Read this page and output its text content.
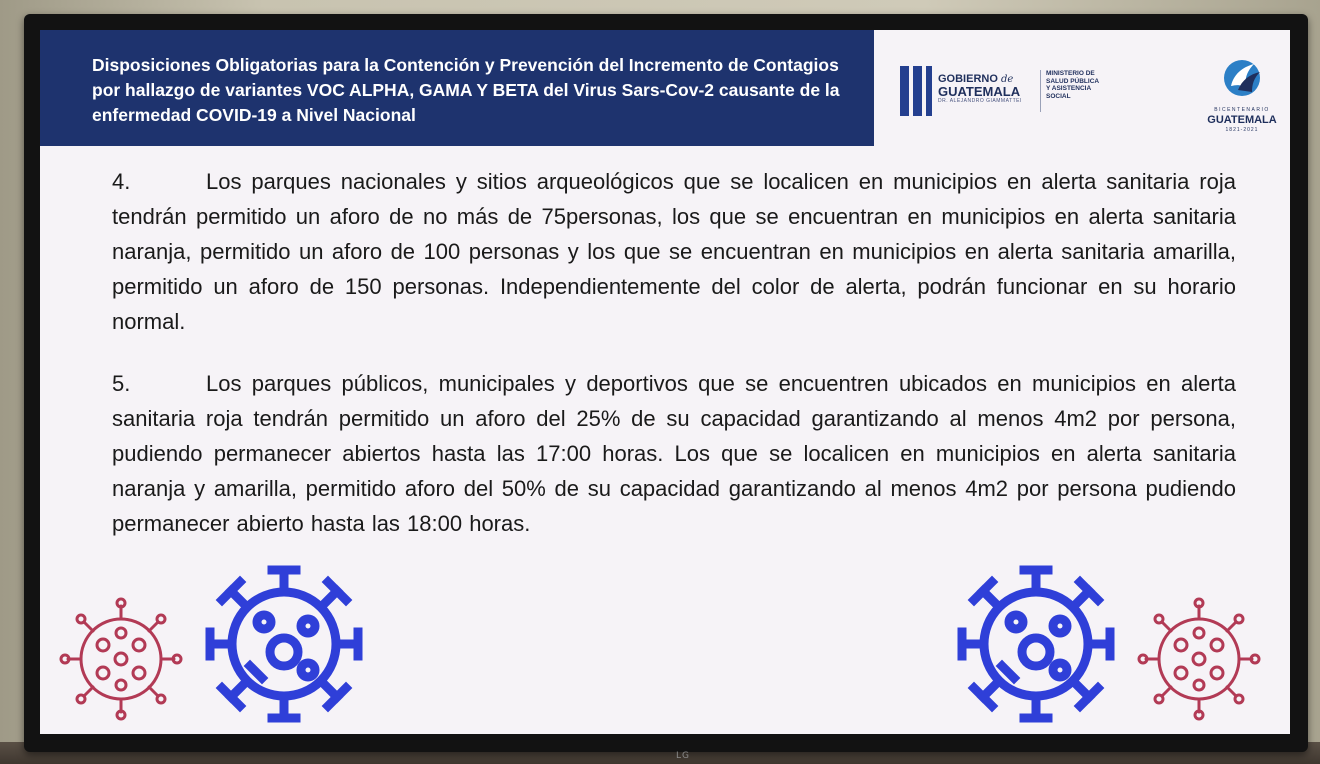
LG
Disposiciones Obligatorias para la Contención y Prevención del Incremento de Contagios por hallazgo de variantes VOC ALPHA, GAMA Y BETA del Virus Sars-Cov-2 causante de la enfermedad COVID-19 a Nivel Nacional
GOBIERNO de
GUATEMALA
DR. ALEJANDRO GIAMMATTEI
MINISTERIO DE
SALUD PÚBLICA
Y ASISTENCIA
SOCIAL
BICENTENARIO
GUATEMALA
1821-2021
4.	Los parques nacionales y sitios arqueológicos que se localicen en municipios en alerta sanitaria roja tendrán permitido un aforo de no más de 75personas, los que se encuentran en municipios en alerta sanitaria naranja, permitido un aforo de 100 personas y los que se encuentran en municipios en alerta sanitaria amarilla, permitido un aforo de 150 personas. Independientemente del color de alerta, podrán funcionar en su horario normal.
5.	Los parques públicos, municipales y deportivos que se encuentren ubicados en municipios en alerta sanitaria roja tendrán permitido un aforo del 25% de su capacidad garantizando al menos 4m2 por persona, pudiendo permanecer abiertos hasta las 17:00 horas. Los que se localicen en municipios en alerta sanitaria naranja y amarilla, permitido aforo del 50% de su capacidad garantizando al menos 4m2 por persona pudiendo permanecer abierto hasta las 18:00 horas.
